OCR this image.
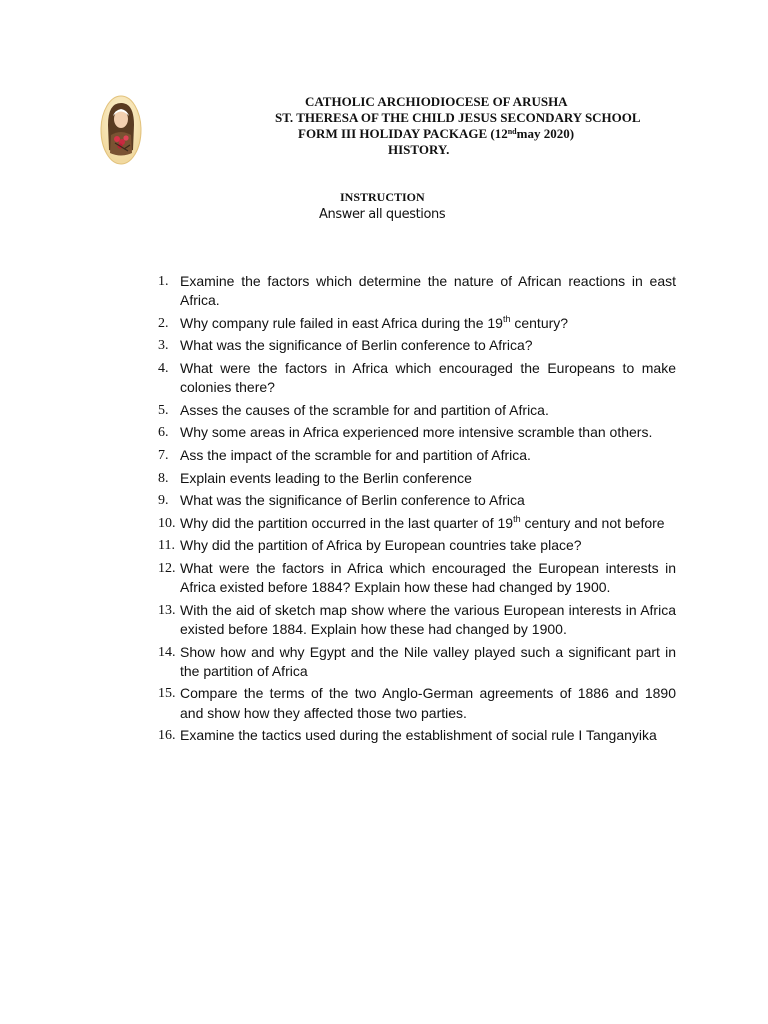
CATHOLIC ARCHIODIOCESE OF ARUSHA
ST. THERESA OF THE CHILD JESUS SECONDARY SCHOOL
FORM III HOLIDAY PACKAGE (12ndmay 2020)
HISTORY.
INSTRUCTION
Answer all questions
1. Examine the factors which determine the nature of African reactions in east Africa.
2. Why company rule failed in east Africa during the 19th century?
3. What was the significance of Berlin conference to Africa?
4. What were the factors in Africa which encouraged the Europeans to make colonies there?
5. Asses the causes of the scramble for and partition of Africa.
6. Why some areas in Africa experienced more intensive scramble than others.
7. Ass the impact of the scramble for and partition of Africa.
8. Explain events leading to the Berlin conference
9. What was the significance of Berlin conference to Africa
10. Why did the partition occurred in the last quarter of 19th century and not before
11. Why did the partition of Africa by European countries take place?
12. What were the factors in Africa which encouraged the European interests in Africa existed before 1884? Explain how these had changed by 1900.
13. With the aid of sketch map show where the various European interests in Africa existed before 1884. Explain how these had changed by 1900.
14. Show how and why Egypt and the Nile valley played such a significant part in the partition of Africa
15. Compare the terms of the two Anglo-German agreements of 1886 and 1890 and show how they affected those two parties.
16. Examine the tactics used during the establishment of social rule I Tanganyika
